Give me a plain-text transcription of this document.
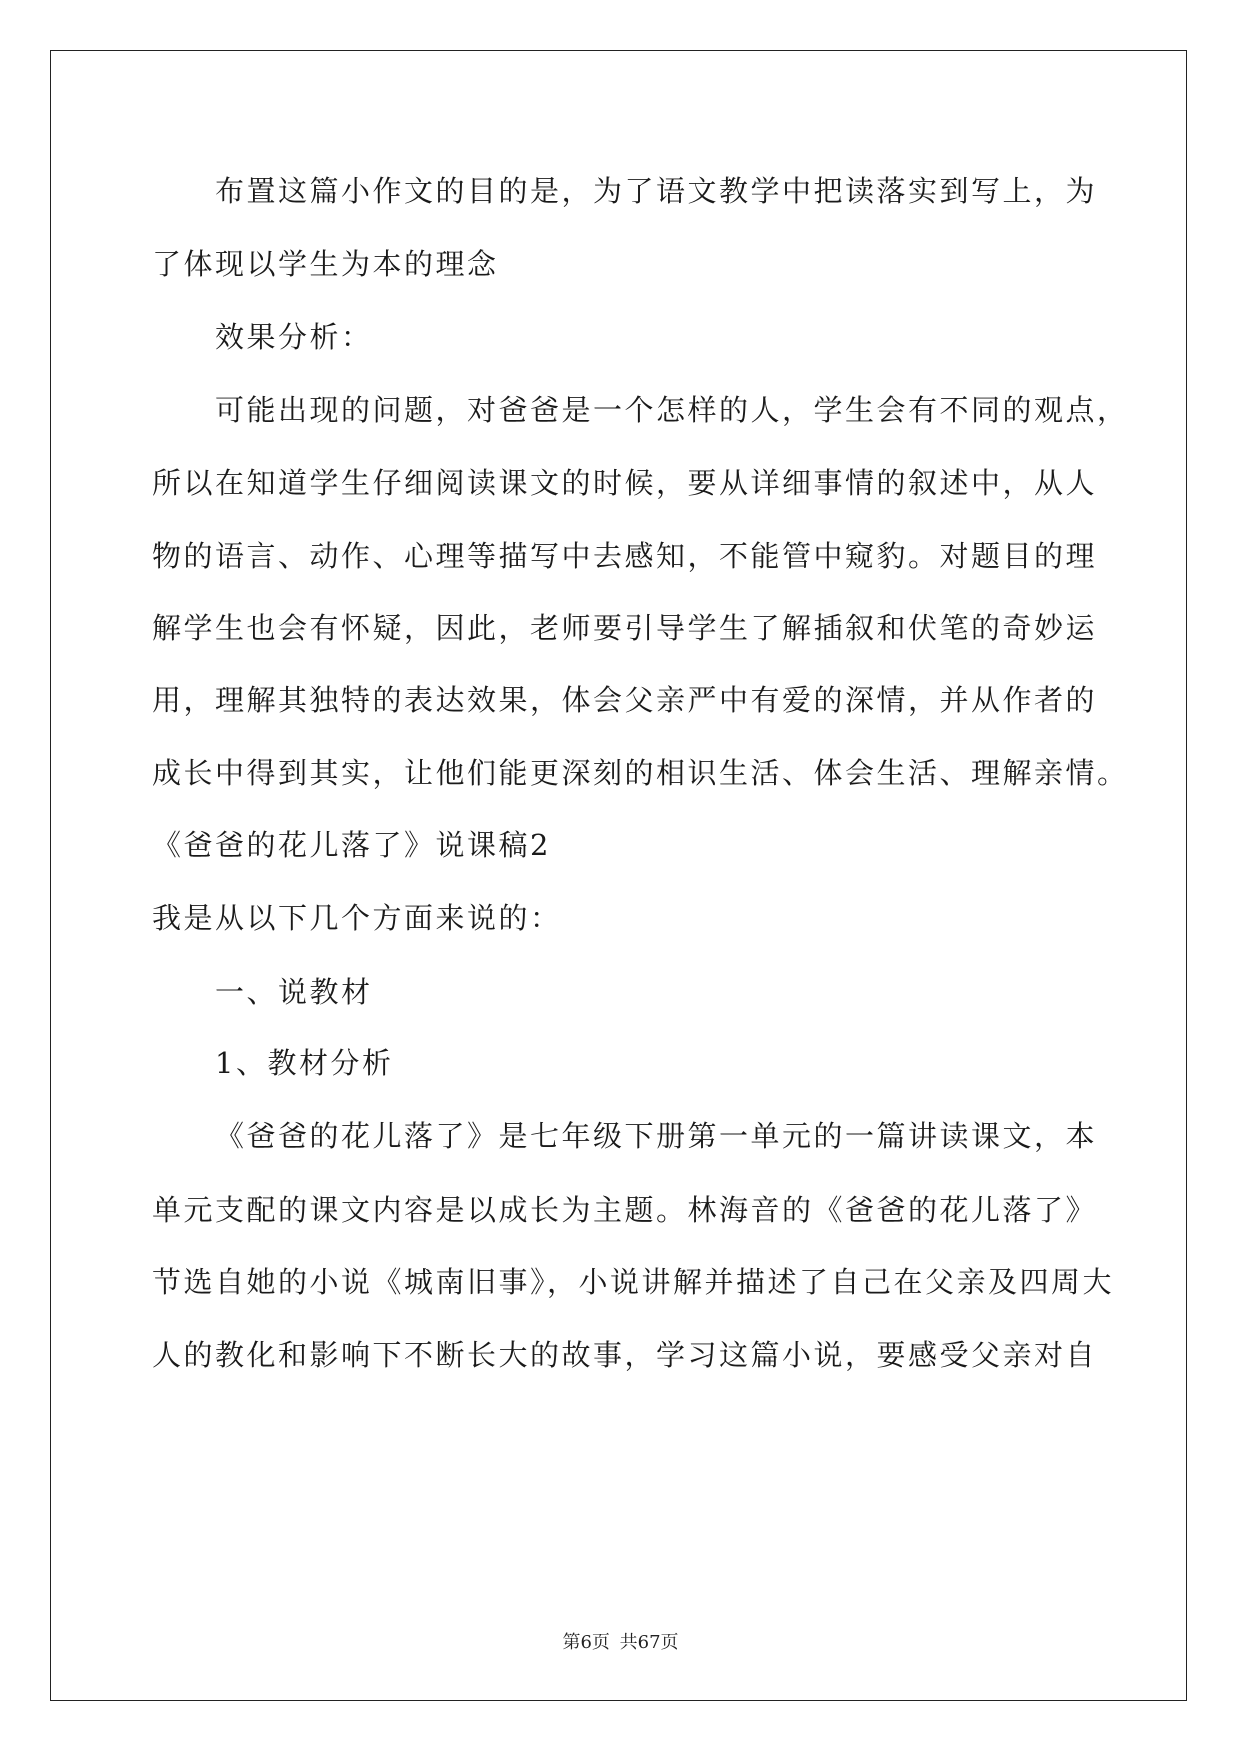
布置这篇小作文的目的是，为了语文教学中把读落实到写上，为
了体现以学生为本的理念
效果分析：
可能出现的问题，对爸爸是一个怎样的人，学生会有不同的观点，
所以在知道学生仔细阅读课文的时候，要从详细事情的叙述中，从人
物的语言、动作、心理等描写中去感知，不能管中窥豹。对题目的理
解学生也会有怀疑，因此，老师要引导学生了解插叙和伏笔的奇妙运
用，理解其独特的表达效果，体会父亲严中有爱的深情，并从作者的
成长中得到其实，让他们能更深刻的相识生活、体会生活、理解亲情。
《爸爸的花儿落了》说课稿2
我是从以下几个方面来说的：
一、说教材
1、教材分析
《爸爸的花儿落了》是七年级下册第一单元的一篇讲读课文，本
单元支配的课文内容是以成长为主题。林海音的《爸爸的花儿落了》
节选自她的小说《城南旧事》，小说讲解并描述了自己在父亲及四周大
人的教化和影响下不断长大的故事，学习这篇小说，要感受父亲对自
第6页 共67页
